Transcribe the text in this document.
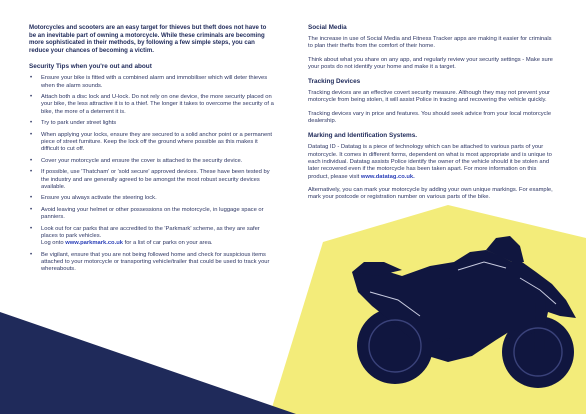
Motorcycles and scooters are an easy target for thieves but theft does not have to be an inevitable part of owning a motorcycle. While these criminals are becoming more sophisticated in their methods, by following a few simple steps, you can reduce your chances of becoming a victim.

Security Tips when you're out and about

• Ensure your bike is fitted with a combined alarm and immobiliser which will deter thieves when the alarm sounds.
• Attach both a disc lock and U-lock. Do not rely on one device, the more security placed on your bike, the less attractive it is to a thief. The longer it takes to overcome the security of a bike, the more of a deterrent it is.
• Try to park under street lights
• When applying your locks, ensure they are secured to a solid anchor point or a permanent piece of street furniture. Keep the lock off the ground where possible as this makes it difficult to cut off.
• Cover your motorcycle and ensure the cover is attached to the security device.
• If possible, use 'Thatcham' or 'sold secure' approved devices. These have been tested by the industry and are generally agreed to be amongst the most robust security devices available.
• Ensure you always activate the steering lock.
• Avoid leaving your helmet or other possessions on the motorcycle, in luggage space or panniers.
• Look out for car parks that are accredited to the 'Parkmark' scheme, as they are safer places to park vehicles.
Log onto www.parkmark.co.uk for a list of car parks on your area.
• Be vigilant, ensure that you are not being followed home and check for suspicious items attached to your motorcycle or transporting vehicle/trailer that could be used to track your whereabouts.

Social Media

The increase in use of Social Media and Fitness Tracker apps are making it easier for criminals to plan their thefts from the comfort of their home.

Think about what you share on any app, and regularly review your security settings - Make sure your posts do not identify your home and make it a target.

Tracking Devices

Tracking devices are an effective covert security measure. Although they may not prevent your motorcycle from being stolen, it will assist Police in tracing and recovering the vehicle quickly.

Tracking devices vary in price and features. You should seek advice from your local motorcycle dealership.

Marking and Identification Systems.

Datatag ID - Datatag is a piece of technology which can be attached to various parts of your motorcycle. It comes in different forms, dependent on what is most appropriate and is unique to each individual. Datatag assists Police identify the owner of the vehicle should it be stolen and later recovered even if the motorcycle has been taken apart. For more information on this product, please visit www.datatag.co.uk.

Alternatively, you can mark your motorcycle by adding your own unique markings. For example, mark your postcode or registration number on various parts of the bike.
